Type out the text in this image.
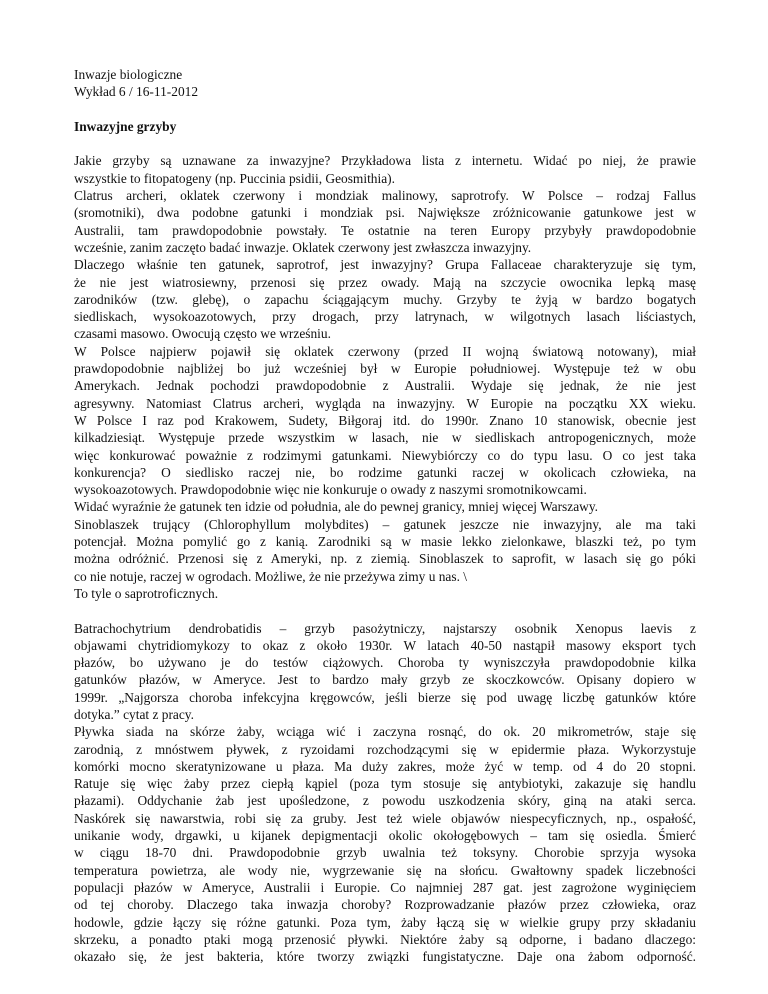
Inwazje biologiczne
Wykład 6 / 16-11-2012
Inwazyjne grzyby
Jakie grzyby są uznawane za inwazyjne? Przykładowa lista z internetu. Widać po niej, że prawie
wszystkie to fitopatogeny (np. Puccinia psidii, Geosmithia).
Clatrus archeri, oklatek czerwony i mondziak malinowy, saprotrofy. W Polsce – rodzaj Fallus
(sromotniki), dwa podobne gatunki i mondziak psi. Największe zróżnicowanie gatunkowe jest w
Australii, tam prawdopodobnie powstały. Te ostatnie na teren Europy przybyły prawdopodobnie
wcześnie, zanim zaczęto badać inwazje. Oklatek czerwony jest zwłaszcza inwazyjny.
Dlaczego właśnie ten gatunek, saprotrof, jest inwazyjny? Grupa Fallaceae charakteryzuje się tym,
że nie jest wiatrosiewny, przenosi się przez owady. Mają na szczycie owocnika lepką masę
zarodników (tzw. glebę), o zapachu ściągającym muchy. Grzyby te żyją w bardzo bogatych
siedliskach, wysokoazotowych, przy drogach, przy latrynach, w wilgotnych lasach liściastych,
czasami masowo. Owocują często we wrześniu.
W Polsce najpierw pojawił się oklatek czerwony (przed II wojną światową notowany), miał
prawdopodobnie najbliżej bo już wcześniej był w Europie południowej. Występuje też w obu
Amerykach. Jednak pochodzi prawdopodobnie z Australii. Wydaje się jednak, że nie jest
agresywny. Natomiast Clatrus archeri, wygląda na inwazyjny. W Europie na początku XX wieku.
W Polsce I raz pod Krakowem, Sudety, Biłgoraj itd. do 1990r. Znano 10 stanowisk, obecnie jest
kilkadziesiąt. Występuje przede wszystkim w lasach, nie w siedliskach antropogenicznych, może
więc konkurować poważnie z rodzimymi gatunkami. Niewybiórczy co do typu lasu. O co jest taka
konkurencja? O siedlisko raczej nie, bo rodzime gatunki raczej w okolicach człowieka, na
wysokoazotowych. Prawdopodobnie więc nie konkuruje o owady z naszymi sromotnikowcami.
Widać wyraźnie że gatunek ten idzie od południa, ale do pewnej granicy, mniej więcej Warszawy.
Sinoblaszek trujący (Chlorophyllum molybdites) – gatunek jeszcze nie inwazyjny, ale ma taki
potencjał. Można pomylić go z kanią. Zarodniki są w masie lekko zielonkawe, blaszki też, po tym
można odróżnić. Przenosi się z Ameryki, np. z ziemią. Sinoblaszek to saprofit, w lasach się go póki
co nie notuje, raczej w ogrodach. Możliwe, że nie przeżywa zimy u nas. \
To tyle o saprotroficznych.
Batrachochytrium dendrobatidis – grzyb pasożytniczy, najstarszy osobnik Xenopus laevis z
objawami chytridiomykozy to okaz z około 1930r. W latach 40-50 nastąpił masowy eksport tych
płazów, bo używano je do testów ciążowych. Choroba ty wyniszczyła prawdopodobnie kilka
gatunków płazów, w Ameryce. Jest to bardzo mały grzyb ze skoczkowców. Opisany dopiero w
1999r. „Najgorsza choroba infekcyjna kręgowców, jeśli bierze się pod uwagę liczbę gatunków które
dotyka.” cytat z pracy.
Pływka siada na skórze żaby, wciąga wić i zaczyna rosnąć, do ok. 20 mikrometrów, staje się
zarodnią, z mnóstwem pływek, z ryzoidami rozchodzącymi się w epidermie płaza. Wykorzystuje
komórki mocno skeratynizowane u płaza. Ma duży zakres, może żyć w temp. od 4 do 20 stopni.
Ratuje się więc żaby przez ciepłą kąpiel (poza tym stosuje się antybiotyki, zakazuje się handlu
płazami). Oddychanie żab jest upośledzone, z powodu uszkodzenia skóry, giną na ataki serca.
Naskórek się nawarstwia, robi się za gruby. Jest też wiele objawów niespecyficznych, np., ospałość,
unikanie wody, drgawki, u kijanek depigmentacji okolic okołogębowych – tam się osiedla. Śmierć
w ciągu 18-70 dni. Prawdopodobnie grzyb uwalnia też toksyny. Chorobie sprzyja wysoka
temperatura powietrza, ale wody nie, wygrzewanie się na słońcu. Gwałtowny spadek liczebności
populacji płazów w Ameryce, Australii i Europie. Co najmniej 287 gat. jest zagrożone wyginięciem
od tej choroby. Dlaczego taka inwazja choroby? Rozprowadzanie płazów przez człowieka, oraz
hodowle, gdzie łączy się różne gatunki. Poza tym, żaby łączą się w wielkie grupy przy składaniu
skrzeku, a ponadto ptaki mogą przenosić pływki. Niektóre żaby są odporne, i badano dlaczego:
okazało się, że jest bakteria, które tworzy związki fungistatyczne. Daje ona żabom odporność.
